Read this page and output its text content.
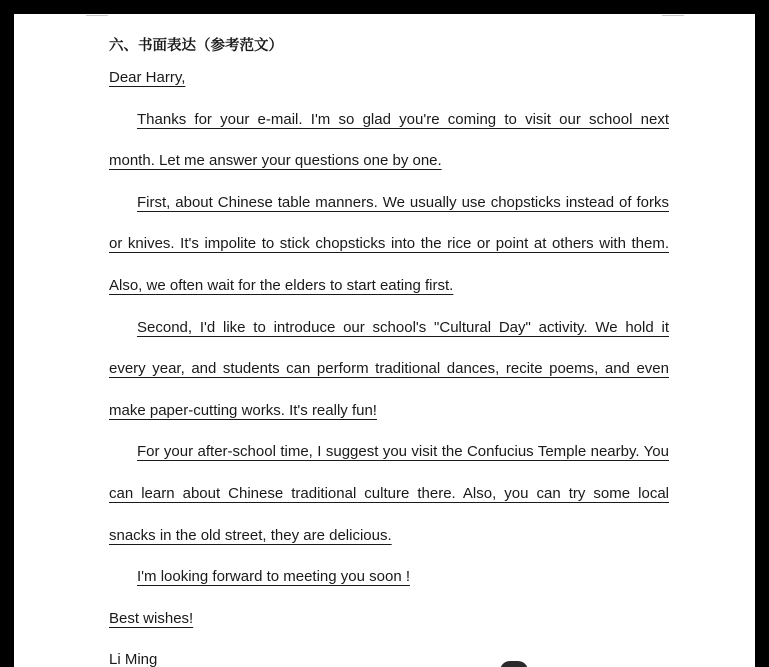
六、书面表达（参考范文）
Dear Harry,
Thanks for your e-mail. I'm so glad you're coming to visit our school next
month. Let me answer your questions one by one.
First, about Chinese table manners. We usually use chopsticks instead of forks
or knives. It's impolite to stick chopsticks into the rice or point at others with them.
Also, we often wait for the elders to start eating first.
Second, I'd like to introduce our school's "Cultural Day" activity. We hold it
every year, and students can perform traditional dances, recite poems, and even
make paper-cutting works. It's really fun!
For your after-school time, I suggest you visit the Confucius Temple nearby. You
can learn about Chinese traditional culture there. Also, you can try some local
snacks in the old street, they are delicious.
I'm looking forward to meeting you soon !
Best wishes!
Li Ming
